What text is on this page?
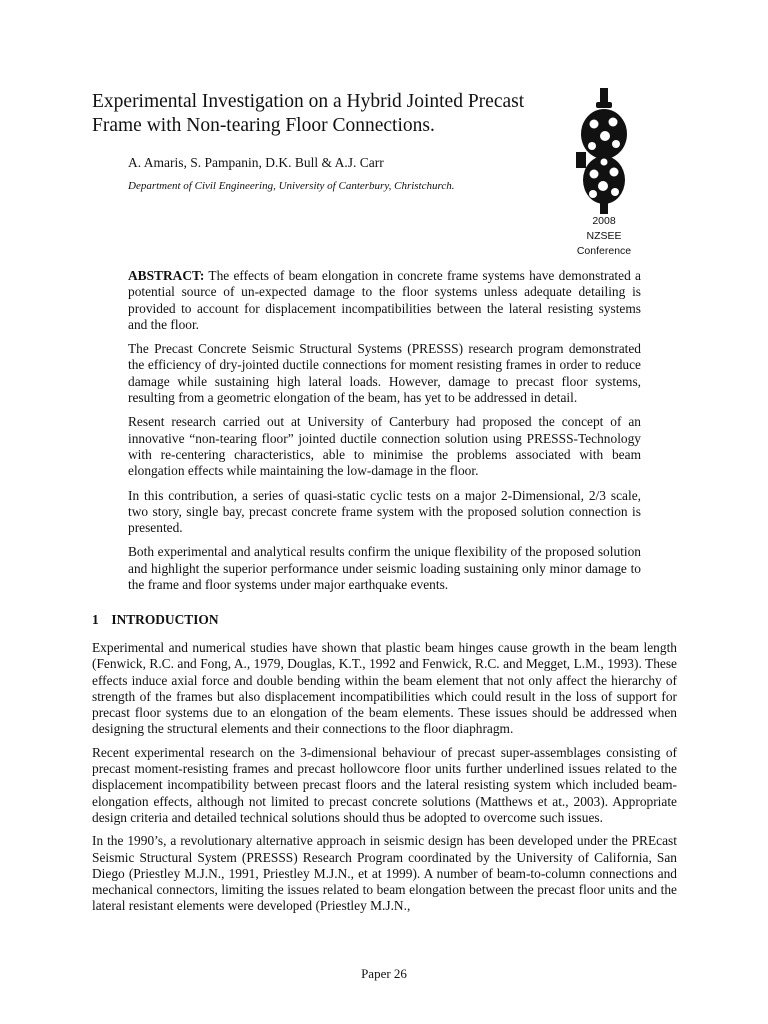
Experimental Investigation on a Hybrid Jointed Precast
Frame with Non-tearing Floor Connections.
A. Amaris, S. Pampanin, D.K. Bull & A.J. Carr
Department of Civil Engineering, University of Canterbury, Christchurch.
2008
NZSEE
Conference

ABSTRACT: The effects of beam elongation in concrete frame systems have demonstrated a potential source of un-expected damage to the floor systems unless adequate detailing is provided to account for displacement incompatibilities between the lateral resisting systems and the floor.

The Precast Concrete Seismic Structural Systems (PRESSS) research program demonstrated the efficiency of dry-jointed ductile connections for moment resisting frames in order to reduce damage while sustaining high lateral loads. However, damage to precast floor systems, resulting from a geometric elongation of the beam, has yet to be addressed in detail.

Resent research carried out at University of Canterbury had proposed the concept of an innovative “non-tearing floor” jointed ductile connection solution using PRESSS-Technology with re-centering characteristics, able to minimise the problems associated with beam elongation effects while maintaining the low-damage in the floor.

In this contribution, a series of quasi-static cyclic tests on a major 2-Dimensional, 2/3 scale, two story, single bay, precast concrete frame system with the proposed solution connection is presented.

Both experimental and analytical results confirm the unique flexibility of the proposed solution and highlight the superior performance under seismic loading sustaining only minor damage to the frame and floor systems under major earthquake events.

1 INTRODUCTION

Experimental and numerical studies have shown that plastic beam hinges cause growth in the beam length (Fenwick, R.C. and Fong, A., 1979, Douglas, K.T., 1992 and Fenwick, R.C. and Megget, L.M., 1993). These effects induce axial force and double bending within the beam element that not only affect the hierarchy of strength of the frames but also displacement incompatibilities which could result in the loss of support for precast floor systems due to an elongation of the beam elements. These issues should be addressed when designing the structural elements and their connections to the floor diaphragm.

Recent experimental research on the 3-dimensional behaviour of precast super-assemblages consisting of precast moment-resisting frames and precast hollowcore floor units further underlined issues related to the displacement incompatibility between precast floors and the lateral resisting system which included beam-elongation effects, although not limited to precast concrete solutions (Matthews et at., 2003). Appropriate design criteria and detailed technical solutions should thus be adopted to overcome such issues.

In the 1990’s, a revolutionary alternative approach in seismic design has been developed under the PREcast Seismic Structural System (PRESSS) Research Program coordinated by the University of California, San Diego (Priestley M.J.N., 1991, Priestley M.J.N., et at 1999). A number of beam-to-column connections and mechanical connectors, limiting the issues related to beam elongation between the precast floor units and the lateral resistant elements were developed (Priestley M.J.N.,

Paper 26
